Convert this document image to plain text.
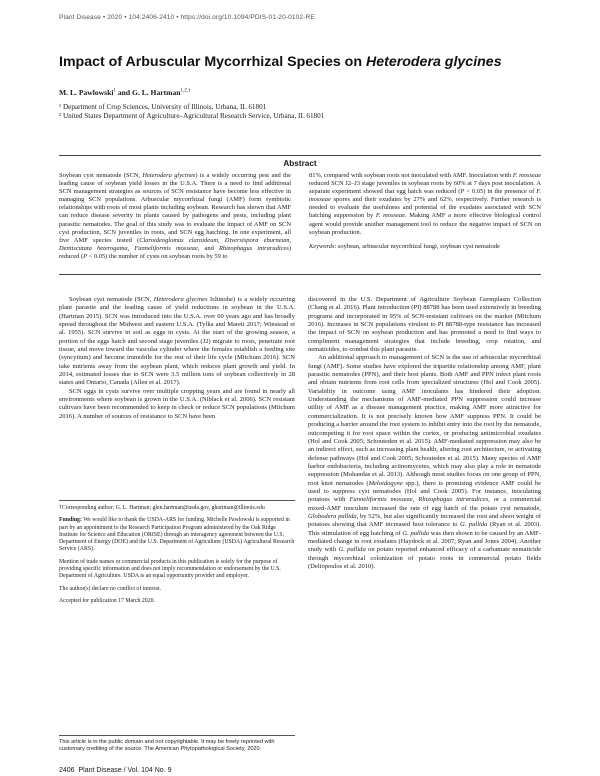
Plant Disease • 2020 • 104:2406-2410 • https://doi.org/10.1094/PDIS-01-20-0102-RE
Impact of Arbuscular Mycorrhizal Species on Heterodera glycines
M. L. Pawlowski$^1$ and G. L. Hartman$^{1,2,\dagger}$
¹ Department of Crop Sciences, University of Illinois, Urbana, IL 61801
² United States Department of Agriculture–Agricultural Research Service, Urbana, IL 61801
Abstract

Soybean cyst nematode (SCN, Heterodera glycines) is a widely occurring pest and the leading cause of soybean yield losses in the U.S.A. There is a need to find additional SCN management strategies as sources of SCN resistance have become less effective in managing SCN populations. Arbuscular mycorrhizal fungi (AMF) form symbiotic relationships with roots of most plants including soybean. Research has shown that AMF can reduce disease severity in plants caused by pathogens and pests, including plant parasitic nematodes. The goal of this study was to evaluate the impact of AMF on SCN cyst production, SCN juveniles in roots, and SCN egg hatching. In one experiment, all five AMF species tested (Claroideoglomus claroideum, Diversispora eburneum, Dentiscutata heterogama, Funneliformis mosseae, and Rhizophagus intraradices) reduced (P < 0.05) the number of cysts on soybean roots by 59 to

81%, compared with soybean roots not inoculated with AMF. Inoculation with F. mosseae reduced SCN J2–J3 stage juveniles in soybean roots by 60% at 7 days post inoculation. A separate experiment showed that egg hatch was reduced (P < 0.05) in the presence of F. mosseae spores and their exudates by 27% and 62%, respectively. Further research is needed to evaluate the usefulness and potential of the exudates associated with SCN hatching suppression by F. mosseae. Making AMF a more effective biological control agent would provide another management tool to reduce the negative impact of SCN on soybean production.

Keywords: soybean, arbuscular mycorrhizal fungi, soybean cyst nematode

Soybean cyst nematode (SCN, Heterodera glycines Ichinohe) is a widely occurring plant parasite and the leading cause of yield reductions in soybean in the U.S.A. (Hartman 2015). SCN was introduced into the U.S.A. over 60 years ago and has broadly spread throughout the Midwest and eastern U.S.A. (Tylka and Marett 2017; Winstead et al. 1955). SCN survive in soil as eggs in cysts. At the start of the growing season, a portion of the eggs hatch and second stage juveniles (J2) migrate to roots, penetrate root tissue, and move toward the vascular cylinder where the females establish a feeding site (syncytium) and become immobile for the rest of their life cycle (Mitchum 2016). SCN take nutrients away from the soybean plant, which reduces plant growth and yield. In 2014, estimated losses due to SCN were 3.5 million tons of soybean collectively in 28 states and Ontario, Canada (Allen et al. 2017).

SCN eggs in cysts survive over multiple cropping years and are found in nearly all environments where soybean is grown in the U.S.A. (Niblack et al. 2006). SCN resistant cultivars have been recommended to keep in check or reduce SCN populations (Mitchum 2016). A number of sources of resistance to SCN have been

†Corresponding author: G. L. Hartman; glen.hartman@usda.gov, ghartman@illinois.edu

Funding: We would like to thank the USDA-ARS for funding. Michelle Pawlowski is supported in part by an appointment to the Research Participation Program administered by the Oak Ridge Institute for Science and Education (ORISE) through an interagency agreement between the U.S. Department of Energy (DOE) and the U.S. Department of Agriculture (USDA) Agricultural Research Service (ARS).

Mention of trade names or commercial products in this publication is solely for the purpose of providing specific information and does not imply recommendation or endorsement by the U.S. Department of Agriculture. USDA is an equal opportunity provider and employer.

The author(s) declare no conflict of interest.

Accepted for publication 17 March 2020.

This article is in the public domain and not copyrightable. It may be freely reprinted with customary crediting of the source. The American Phytopathological Society, 2020.

discovered in the U.S. Department of Agriculture Soybean Germplasm Collection (Chang et al. 2016). Plant introduction (PI) 88788 has been used extensively in breeding programs and incorporated in 95% of SCN-resistant cultivars on the market (Mitchum 2016). Increases in SCN populations virulent to PI 88788-type resistance has increased the impact of SCN on soybean production and has promoted a need to find ways to compliment management strategies that include breeding, crop rotation, and nematicides, to combat this plant parasite.

An additional approach to management of SCN is the use of arbuscular mycorrhizal fungi (AMF). Some studies have explored the tripartite relationship among AMF, plant parasitic nematodes (PPN), and their host plants. Both AMF and PPN infect plant roots and obtain nutrients from root cells from specialized structures (Hol and Cook 2005). Variability in outcome using AMF inoculants has hindered their adoption. Understanding the mechanisms of AMF-mediated PPN suppression could increase utility of AMF as a disease management practice, making AMF more attractive for commercialization. It is not precisely known how AMF suppress PPN. It could be producing a barrier around the root system to inhibit entry into the root by the nematode, outcompeting it for root space within the cortex, or producing antimicrobial exudates (Hol and Cook 2005; Schouteden et al. 2015). AMF-mediated suppression may also be an indirect effect, such as increasing plant health, altering root architecture, or activating defense pathways (Hol and Cook 2005; Schouteden et al. 2015). Many species of AMF harbor endobacteria, including actinomycetes, which may also play a role in nematode suppression (Mohandas et al. 2013). Although most studies focus on one group of PPN, root knot nematodes (Meloidogyne spp.), there is promising evidence AMF could be used to suppress cyst nematodes (Hol and Cook 2005). For instance, inoculating potatoes with Funneliformis mosseae, Rhizophagus intraradices, or a commercial mixed-AMF inoculum increased the rate of egg hatch of the potato cyst nematode, Globodera pallida, by 52%, but also significantly increased the root and shoot weight of potatoes showing that AMF increased host tolerance to G. pallida (Ryan et al. 2003). This stimulation of egg hatching of G. pallida was then shown to be caused by an AMF-mediated change in root exudates (Haydock et al. 2007; Ryan and Jones 2004). Another study with G. pallida on potato reported enhanced efficacy of a carbamate nematicide through mycorrhizal colonization of potato roots in commercial potato fields (Deliopoulos et al. 2010).

2406 Plant Disease / Vol. 104 No. 9
